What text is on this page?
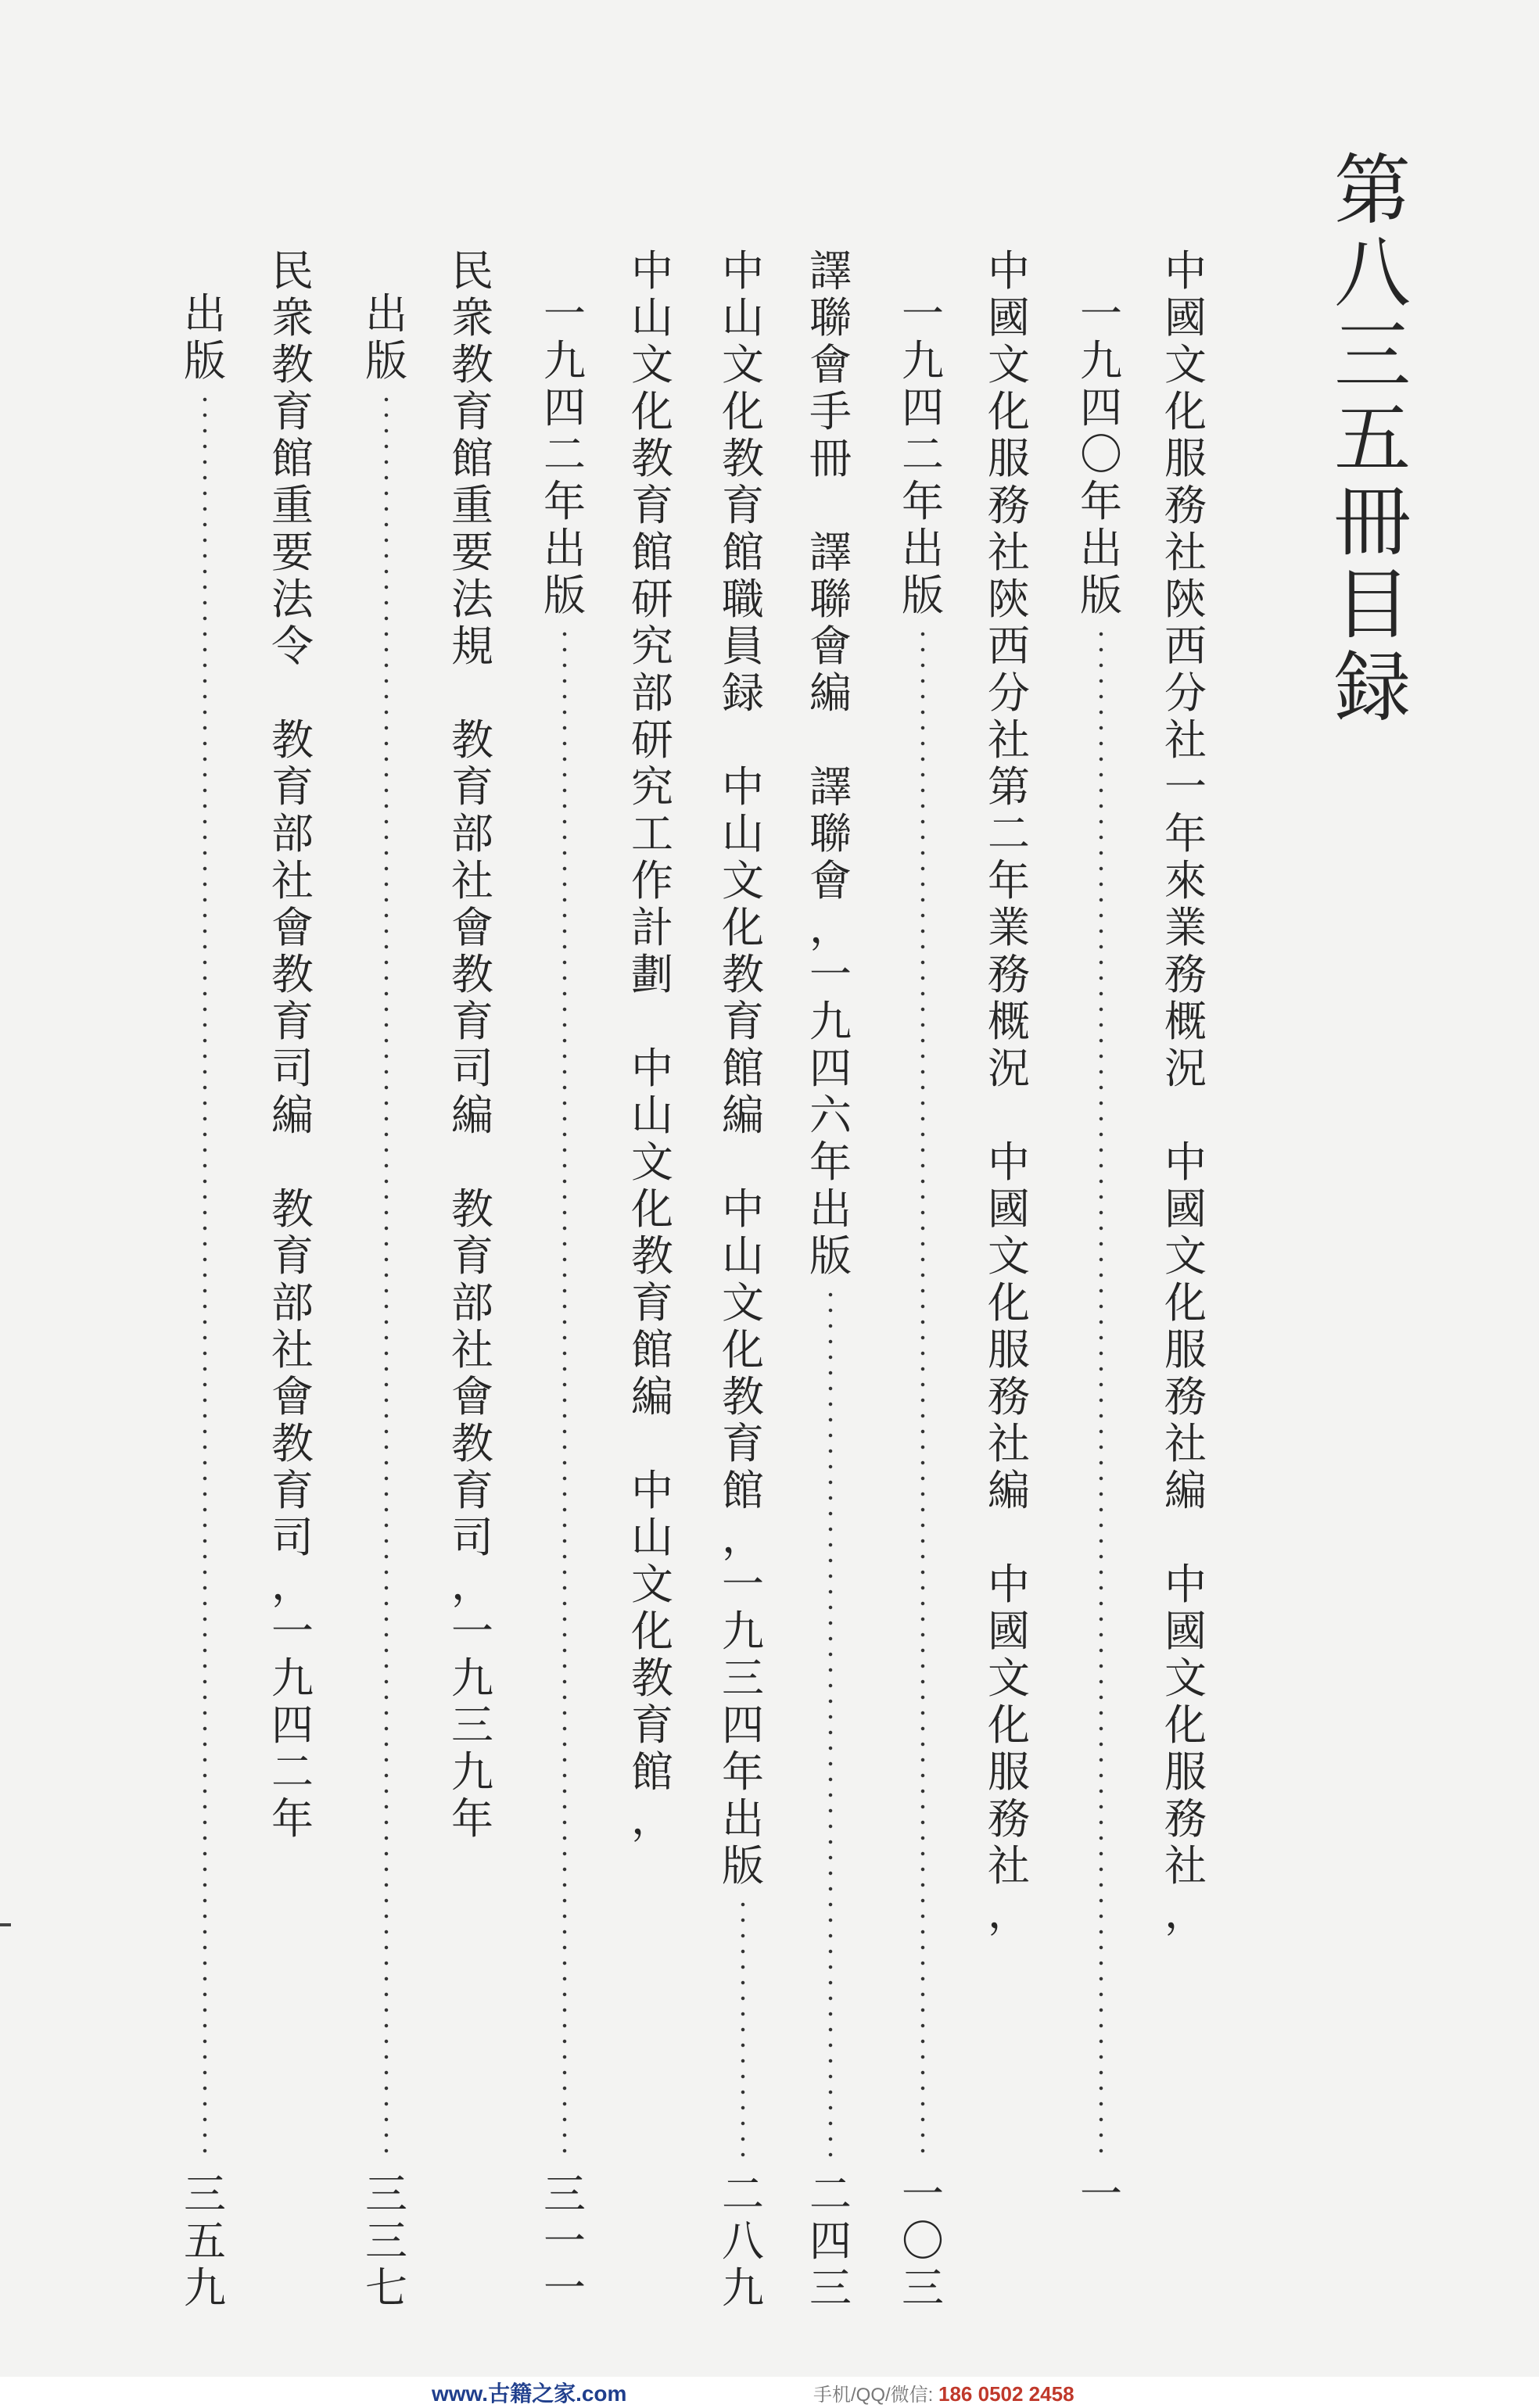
第
八
三
五
冊
目
録
中
國
文
化
服
務
社
陝
西
分
社
一
年
來
業
務
概
況
中
國
文
化
服
務
社
編
中
國
文
化
服
務
社
，
一
九
四
〇
年
出
版
中
國
文
化
服
務
社
陝
西
分
社
第
二
年
業
務
概
況
中
國
文
化
服
務
社
編
中
國
文
化
服
務
社
，
一
九
四
二
年
出
版
譯
聯
會
手
冊
譯
聯
會
編
譯
聯
會
，
一
九
四
六
年
出
版
中
山
文
化
教
育
館
職
員
録
中
山
文
化
教
育
館
編
中
山
文
化
教
育
館
，
一
九
三
四
年
出
版
中
山
文
化
教
育
館
研
究
部
研
究
工
作
計
劃
中
山
文
化
教
育
館
編
中
山
文
化
教
育
館
，
一
九
四
二
年
出
版
民
衆
教
育
館
重
要
法
規
教
育
部
社
會
教
育
司
編
教
育
部
社
會
教
育
司
，
一
九
三
九
年
出
版
民
衆
教
育
館
重
要
法
令
教
育
部
社
會
教
育
司
編
教
育
部
社
會
教
育
司
，
一
九
四
二
年
出
版
一
一
〇
三
二
四
三
二
八
九
三
一
一
三
三
七
三
五
九
www.古籍之家.com	手机/QQ/微信: 186 0502 2458
